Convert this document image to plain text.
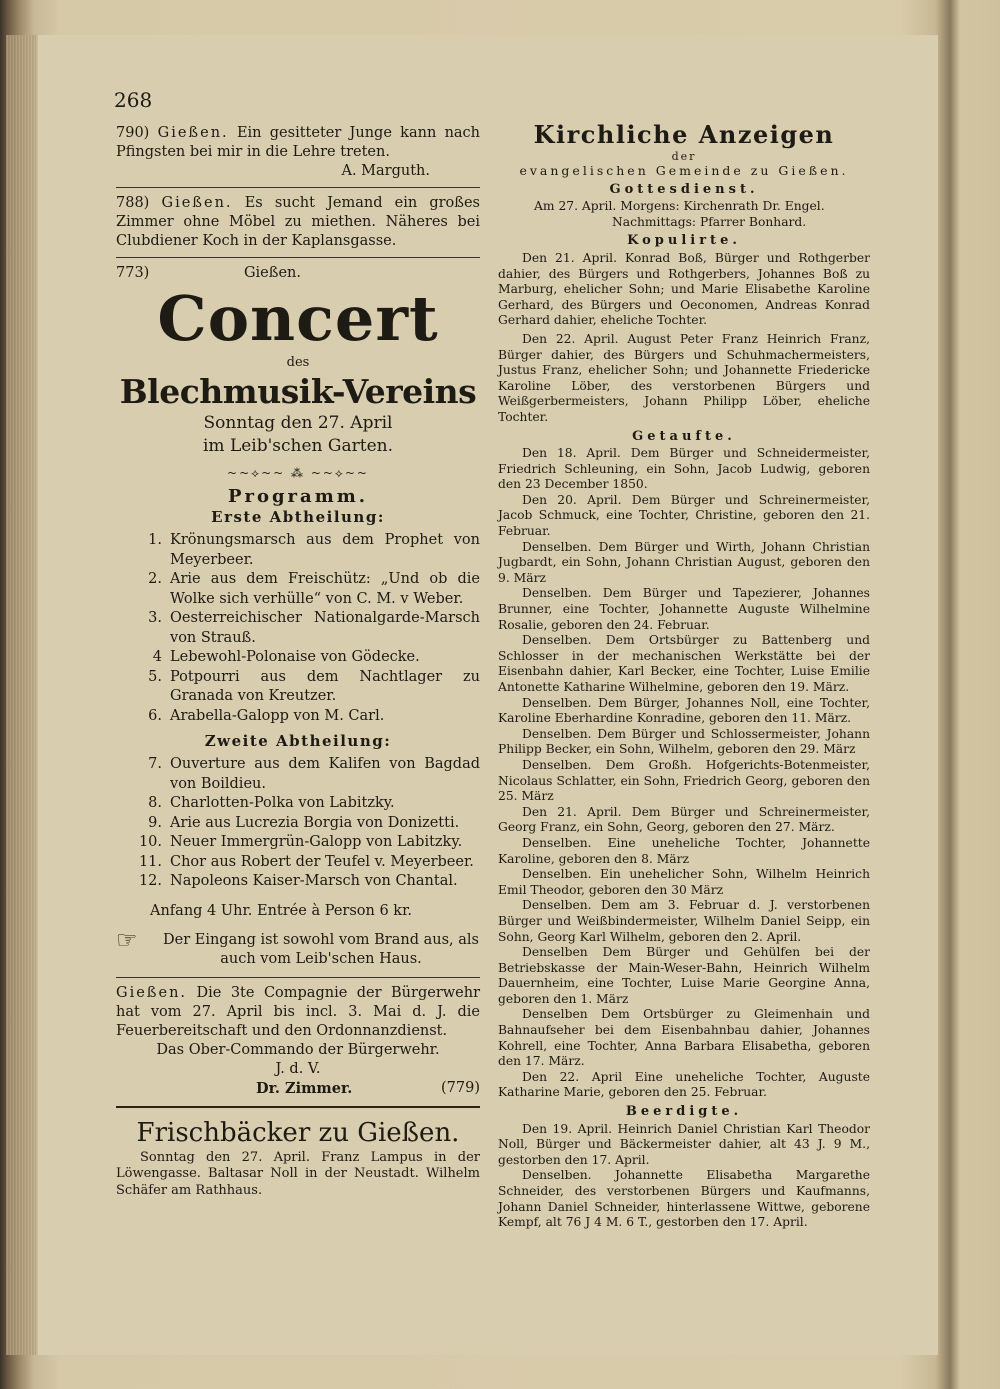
268

790) Gießen. Ein gesitteter Junge kann nach Pfingsten bei mir in die Lehre treten.

A. Marguth.

788) Gießen. Es sucht Jemand ein großes Zimmer ohne Möbel zu miethen. Näheres bei Clubdiener Koch in der Kaplansgasse.

773)	Gießen.

Concert

des

Blechmusik-Vereins

Sonntag den 27. April

im Leib'schen Garten.

~~⟡~~ ⁂ ~~⟡~~

Programm.

Erste Abtheilung:

1. Krönungsmarsch aus dem Prophet von Meyerbeer.
2. Arie aus dem Freischütz: „Und ob die Wolke sich verhülle“ von C. M. v Weber.
3. Oesterreichischer Nationalgarde-Marsch von Strauß.
4 Lebewohl-Polonaise von Gödecke.
5. Potpourri aus dem Nachtlager zu Granada von Kreutzer.
6. Arabella-Galopp von M. Carl.

Zweite Abtheilung:

7. Ouverture aus dem Kalifen von Bagdad von Boildieu.
8. Charlotten-Polka von Labitzky.
9. Arie aus Lucrezia Borgia von Donizetti.
10. Neuer Immergrün-Galopp von Labitzky.
11. Chor aus Robert der Teufel v. Meyerbeer.
12. Napoleons Kaiser-Marsch von Chantal.

Anfang 4 Uhr. Entrée à Person 6 kr.

☞	Der Eingang ist sowohl vom Brand aus, als auch vom Leib'schen Haus.

Gießen. Die 3te Compagnie der Bürgerwehr hat vom 27. April bis incl. 3. Mai d. J. die Feuerbereitschaft und den Ordonnanzdienst.

Das Ober-Commando der Bürgerwehr.

J. d. V.

Dr. Zimmer.	(779)

Frischbäcker zu Gießen.

Sonntag den 27. April. Franz Lampus in der Löwengasse. Baltasar Noll in der Neustadt. Wilhelm Schäfer am Rathhaus.

Kirchliche Anzeigen

der

evangelischen Gemeinde zu Gießen.

Gottesdienst.

Am 27. April. Morgens: Kirchenrath Dr. Engel.

Nachmittags: Pfarrer Bonhard.

Kopulirte.

Den 21. April. Konrad Boß, Bürger und Rothgerber dahier, des Bürgers und Rothgerbers, Johannes Boß zu Marburg, ehelicher Sohn; und Marie Elisabethe Karoline Gerhard, des Bürgers und Oeconomen, Andreas Konrad Gerhard dahier, eheliche Tochter.

Den 22. April. August Peter Franz Heinrich Franz, Bürger dahier, des Bürgers und Schuhmachermeisters, Justus Franz, ehelicher Sohn; und Johannette Friedericke Karoline Löber, des verstorbenen Bürgers und Weißgerbermeisters, Johann Philipp Löber, eheliche Tochter.

Getaufte.

Den 18. April. Dem Bürger und Schneidermeister, Friedrich Schleuning, ein Sohn, Jacob Ludwig, geboren den 23 December 1850.

Den 20. April. Dem Bürger und Schreinermeister, Jacob Schmuck, eine Tochter, Christine, geboren den 21. Februar.

Denselben. Dem Bürger und Wirth, Johann Christian Jugbardt, ein Sohn, Johann Christian August, geboren den 9. März

Denselben. Dem Bürger und Tapezierer, Johannes Brunner, eine Tochter, Johannette Auguste Wilhelmine Rosalie, geboren den 24. Februar.

Denselben. Dem Ortsbürger zu Battenberg und Schlosser in der mechanischen Werkstätte bei der Eisenbahn dahier, Karl Becker, eine Tochter, Luise Emilie Antonette Katharine Wilhelmine, geboren den 19. März.

Denselben. Dem Bürger, Johannes Noll, eine Tochter, Karoline Eberhardine Konradine, geboren den 11. März.

Denselben. Dem Bürger und Schlossermeister, Johann Philipp Becker, ein Sohn, Wilhelm, geboren den 29. März

Denselben. Dem Großh. Hofgerichts-Botenmeister, Nicolaus Schlatter, ein Sohn, Friedrich Georg, geboren den 25. März

Den 21. April. Dem Bürger und Schreinermeister, Georg Franz, ein Sohn, Georg, geboren den 27. März.

Denselben. Eine uneheliche Tochter, Johannette Karoline, geboren den 8. März

Denselben. Ein unehelicher Sohn, Wilhelm Heinrich Emil Theodor, geboren den 30 März

Denselben. Dem am 3. Februar d. J. verstorbenen Bürger und Weißbindermeister, Wilhelm Daniel Seipp, ein Sohn, Georg Karl Wilhelm, geboren den 2. April.

Denselben Dem Bürger und Gehülfen bei der Betriebskasse der Main-Weser-Bahn, Heinrich Wilhelm Dauernheim, eine Tochter, Luise Marie Georgine Anna, geboren den 1. März

Denselben Dem Ortsbürger zu Gleimenhain und Bahnaufseher bei dem Eisenbahnbau dahier, Johannes Kohrell, eine Tochter, Anna Barbara Elisabetha, geboren den 17. März.

Den 22. April Eine uneheliche Tochter, Auguste Katharine Marie, geboren den 25. Februar.

Beerdigte.

Den 19. April. Heinrich Daniel Christian Karl Theodor Noll, Bürger und Bäckermeister dahier, alt 43 J. 9 M., gestorben den 17. April.

Denselben. Johannette Elisabetha Margarethe Schneider, des verstorbenen Bürgers und Kaufmanns, Johann Daniel Schneider, hinterlassene Wittwe, geborene Kempf, alt 76 J 4 M. 6 T., gestorben den 17. April.
